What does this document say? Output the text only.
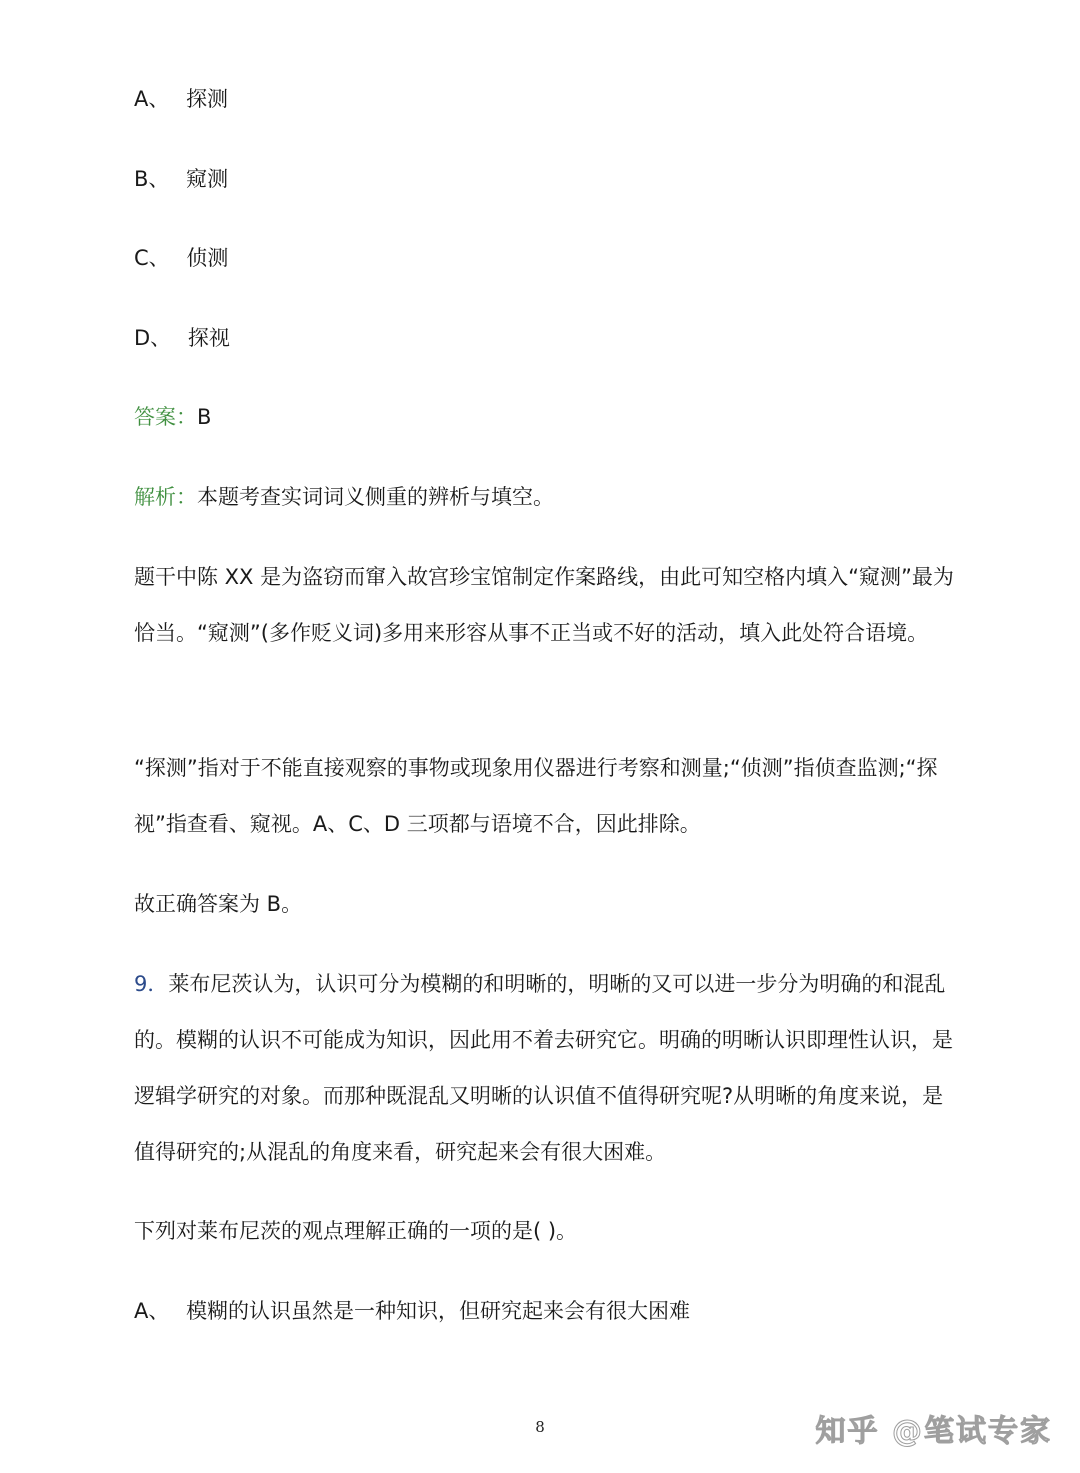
A、 探测
B、 窥测
C、 侦测
D、 探视
答案：B
解析：本题考查实词词义侧重的辨析与填空。
题干中陈 XX 是为盗窃而窜入故宫珍宝馆制定作案路线，由此可知空格内填入“窥测”最为恰当。“窥测”(多作贬义词)多用来形容从事不正当或不好的活动，填入此处符合语境。
“探测”指对于不能直接观察的事物或现象用仪器进行考察和测量;“侦测”指侦查监测;“探视”指查看、窥视。A、C、D 三项都与语境不合，因此排除。
故正确答案为 B。
9．莱布尼茨认为，认识可分为模糊的和明晰的，明晰的又可以进一步分为明确的和混乱的。模糊的认识不可能成为知识，因此用不着去研究它。明确的明晰认识即理性认识，是逻辑学研究的对象。而那种既混乱又明晰的认识值不值得研究呢?从明晰的角度来说，是值得研究的;从混乱的角度来看，研究起来会有很大困难。
下列对莱布尼茨的观点理解正确的一项的是( )。
A、 模糊的认识虽然是一种知识，但研究起来会有很大困难
8	知乎 @笔试专家
